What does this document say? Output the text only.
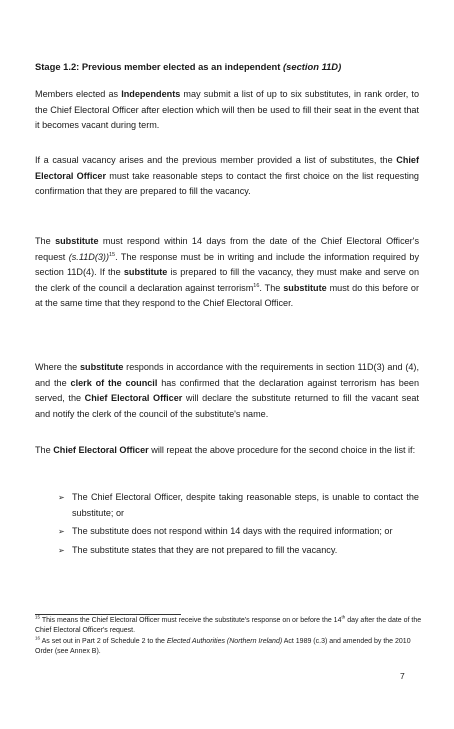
Stage 1.2: Previous member elected as an independent (section 11D)
Members elected as Independents may submit a list of up to six substitutes, in rank order, to the Chief Electoral Officer after election which will then be used to fill their seat in the event that it becomes vacant during term.
If a casual vacancy arises and the previous member provided a list of substitutes, the Chief Electoral Officer must take reasonable steps to contact the first choice on the list requesting confirmation that they are prepared to fill the vacancy.
The substitute must respond within 14 days from the date of the Chief Electoral Officer's request $(s.11D(3))^{15}$. The response must be in writing and include the information required by section 11D(4). If the substitute is prepared to fill the vacancy, they must make and serve on the clerk of the council a declaration against terrorism$^{16}$. The substitute must do this before or at the same time that they respond to the Chief Electoral Officer.
Where the substitute responds in accordance with the requirements in section 11D(3) and (4), and the clerk of the council has confirmed that the declaration against terrorism has been served, the Chief Electoral Officer will declare the substitute returned to fill the vacant seat and notify the clerk of the council of the substitute's name.
The Chief Electoral Officer will repeat the above procedure for the second choice in the list if:
➢ The Chief Electoral Officer, despite taking reasonable steps, is unable to contact the substitute; or
➢ The substitute does not respond within 14 days with the required information; or
➢ The substitute states that they are not prepared to fill the vacancy.
$^{15}$ This means the Chief Electoral Officer must receive the substitute's response on or before the 14th day after the date of the Chief Electoral Officer's request.
$^{16}$ As set out in Part 2 of Schedule 2 to the Elected Authorities (Northern Ireland) Act 1989 (c.3) and amended by the 2010 Order (see Annex B).
7
